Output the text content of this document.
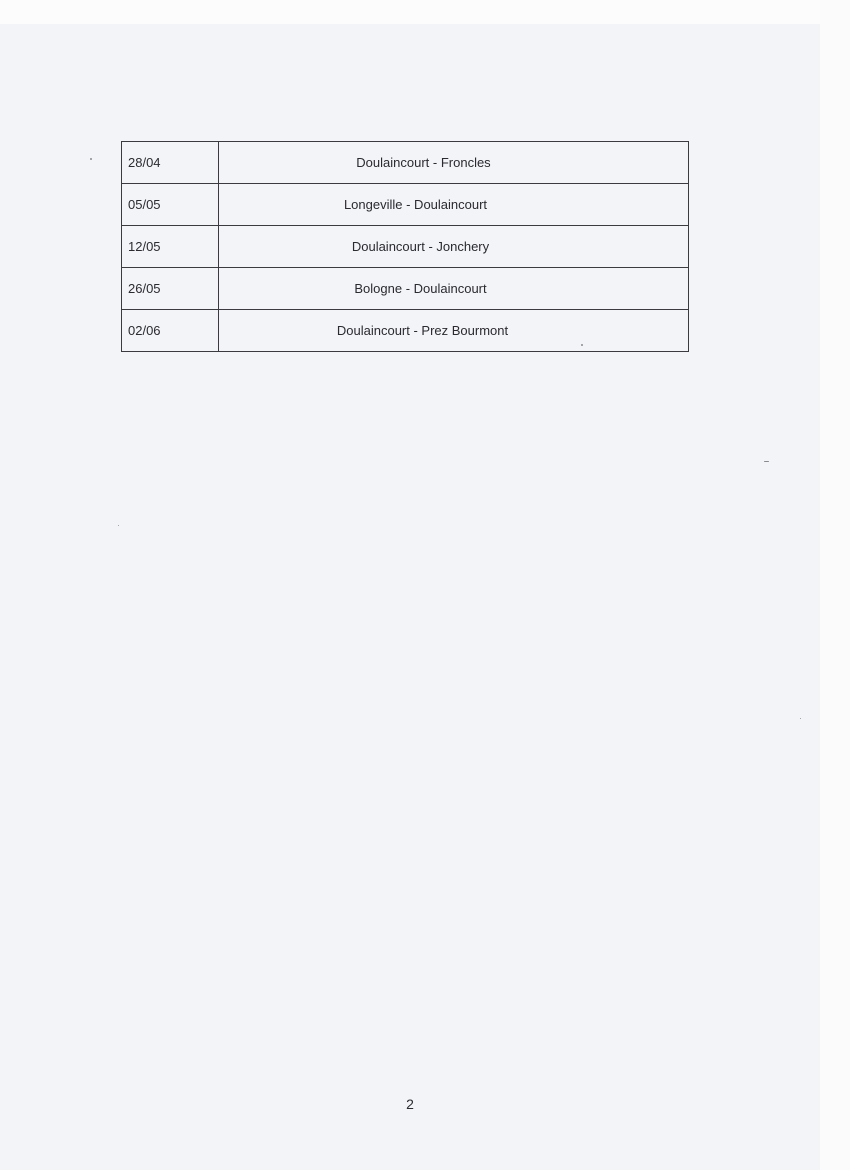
28/04	Doulaincourt - Froncles
05/05	Longeville - Doulaincourt
12/05	Doulaincourt - Jonchery
26/05	Bologne - Doulaincourt
02/06	Doulaincourt - Prez Bourmont
2
